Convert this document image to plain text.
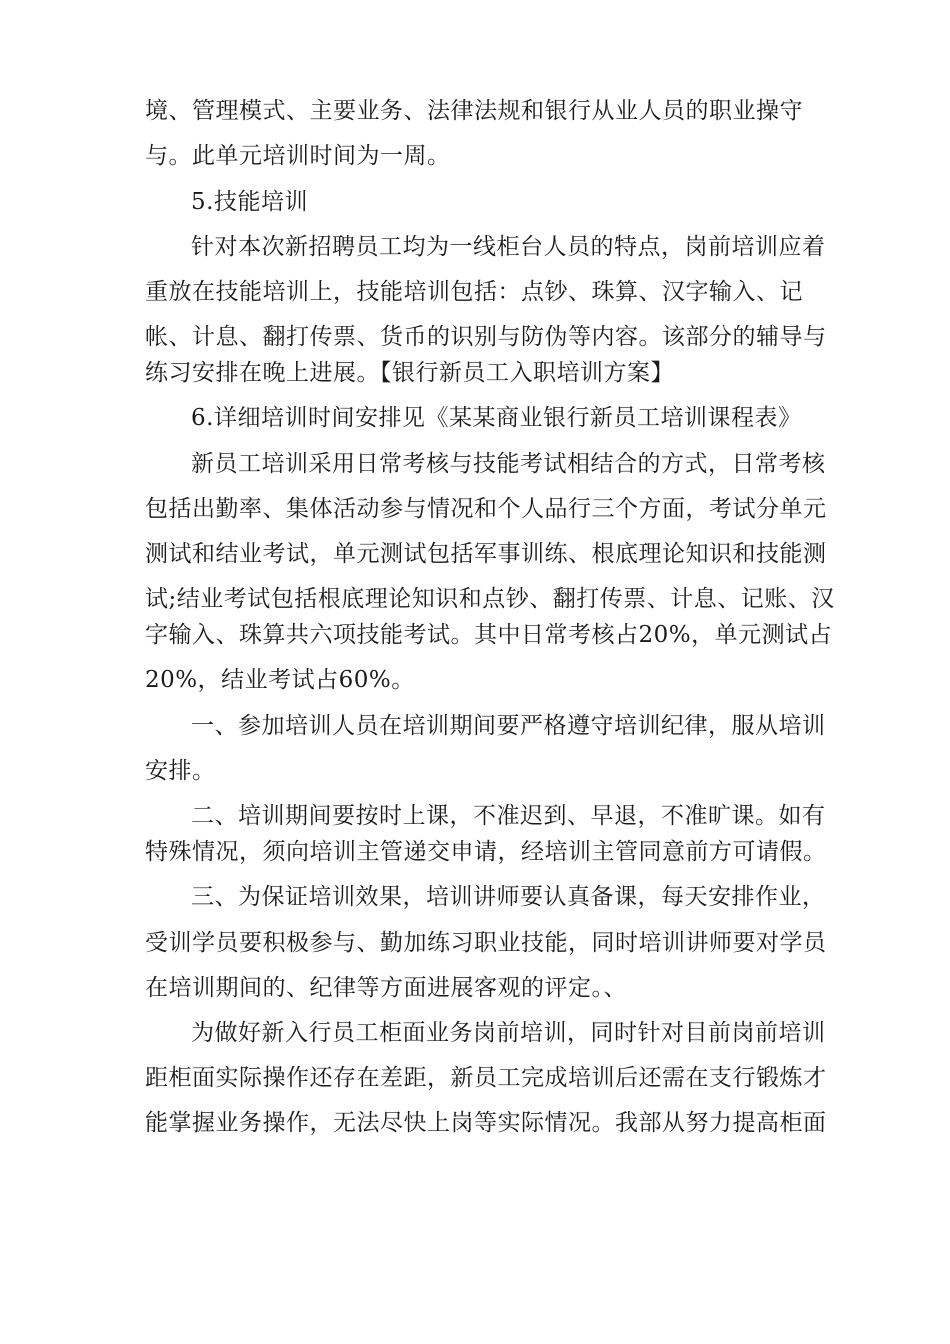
境、管理模式、主要业务、法律法规和银行从业人员的职业操守

与。此单元培训时间为一周。

5.技能培训

针对本次新招聘员工均为一线柜台人员的特点，岗前培训应着

重放在技能培训上，技能培训包括：点钞、珠算、汉字输入、记

帐、计息、翻打传票、货币的识别与防伪等内容。该部分的辅导与

练习安排在晚上进展。【银行新员工入职培训方案】

6.详细培训时间安排见《某某商业银行新员工培训课程表》

新员工培训采用日常考核与技能考试相结合的方式，日常考核

包括出勤率、集体活动参与情况和个人品行三个方面，考试分单元

测试和结业考试，单元测试包括军事训练、根底理论知识和技能测

试;结业考试包括根底理论知识和点钞、翻打传票、计息、记账、汉

字输入、珠算共六项技能考试。其中日常考核占20%，单元测试占

20%，结业考试占60%。

一、参加培训人员在培训期间要严格遵守培训纪律，服从培训

安排。

二、培训期间要按时上课，不准迟到、早退，不准旷课。如有

特殊情况，须向培训主管递交申请，经培训主管同意前方可请假。

三、为保证培训效果，培训讲师要认真备课，每天安排作业，

受训学员要积极参与、勤加练习职业技能，同时培训讲师要对学员

在培训期间的、纪律等方面进展客观的评定。、

为做好新入行员工柜面业务岗前培训，同时针对目前岗前培训

距柜面实际操作还存在差距，新员工完成培训后还需在支行锻炼才

能掌握业务操作，无法尽快上岗等实际情况。我部从努力提高柜面
